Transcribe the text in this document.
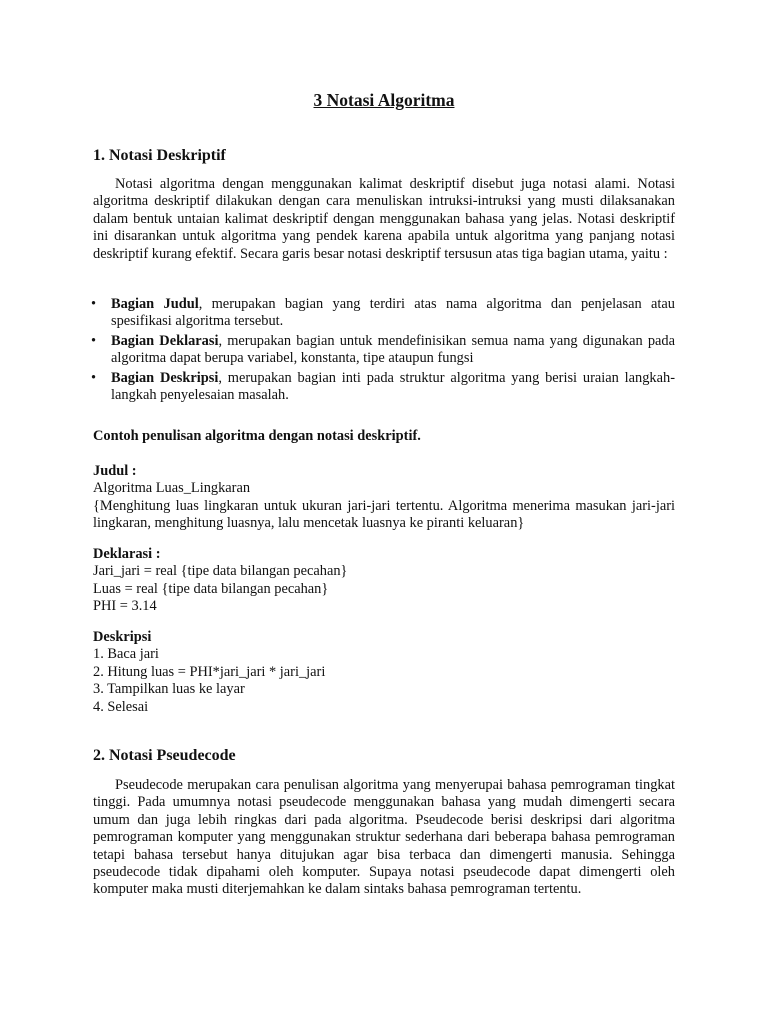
3 Notasi Algoritma
1. Notasi Deskriptif

Notasi algoritma dengan menggunakan kalimat deskriptif disebut juga notasi alami. Notasi algoritma deskriptif dilakukan dengan cara menuliskan intruksi-intruksi yang musti dilaksanakan dalam bentuk untaian kalimat deskriptif dengan menggunakan bahasa yang jelas. Notasi deskriptif ini disarankan untuk algoritma yang pendek karena apabila untuk algoritma yang panjang notasi deskriptif kurang efektif. Secara garis besar notasi deskriptif tersusun atas tiga bagian utama, yaitu :

• Bagian Judul, merupakan bagian yang terdiri atas nama algoritma dan penjelasan atau spesifikasi algoritma tersebut.
• Bagian Deklarasi, merupakan bagian untuk mendefinisikan semua nama yang digunakan pada algoritma dapat berupa variabel, konstanta, tipe ataupun fungsi
• Bagian Deskripsi, merupakan bagian inti pada struktur algoritma yang berisi uraian langkah-langkah penyelesaian masalah.

Contoh penulisan algoritma dengan notasi deskriptif.

Judul :
Algoritma Luas_Lingkaran
{Menghitung luas lingkaran untuk ukuran jari-jari tertentu. Algoritma menerima masukan jari-jari lingkaran, menghitung luasnya, lalu mencetak luasnya ke piranti keluaran}
Deklarasi :
Jari_jari = real {tipe data bilangan pecahan}
Luas = real {tipe data bilangan pecahan}
PHI = 3.14
Deskripsi
1. Baca jari
2. Hitung luas = PHI*jari_jari * jari_jari
3. Tampilkan luas ke layar
4. Selesai
2. Notasi Pseudecode

Pseudecode merupakan cara penulisan algoritma yang menyerupai bahasa pemrograman tingkat tinggi. Pada umumnya notasi pseudecode menggunakan bahasa yang mudah dimengerti secara umum dan juga lebih ringkas dari pada algoritma. Pseudecode berisi deskripsi dari algoritma pemrograman komputer yang menggunakan struktur sederhana dari beberapa bahasa pemrograman tetapi bahasa tersebut hanya ditujukan agar bisa terbaca dan dimengerti manusia. Sehingga pseudecode tidak dipahami oleh komputer. Supaya notasi pseudecode dapat dimengerti oleh komputer maka musti diterjemahkan ke dalam sintaks bahasa pemrograman tertentu.
